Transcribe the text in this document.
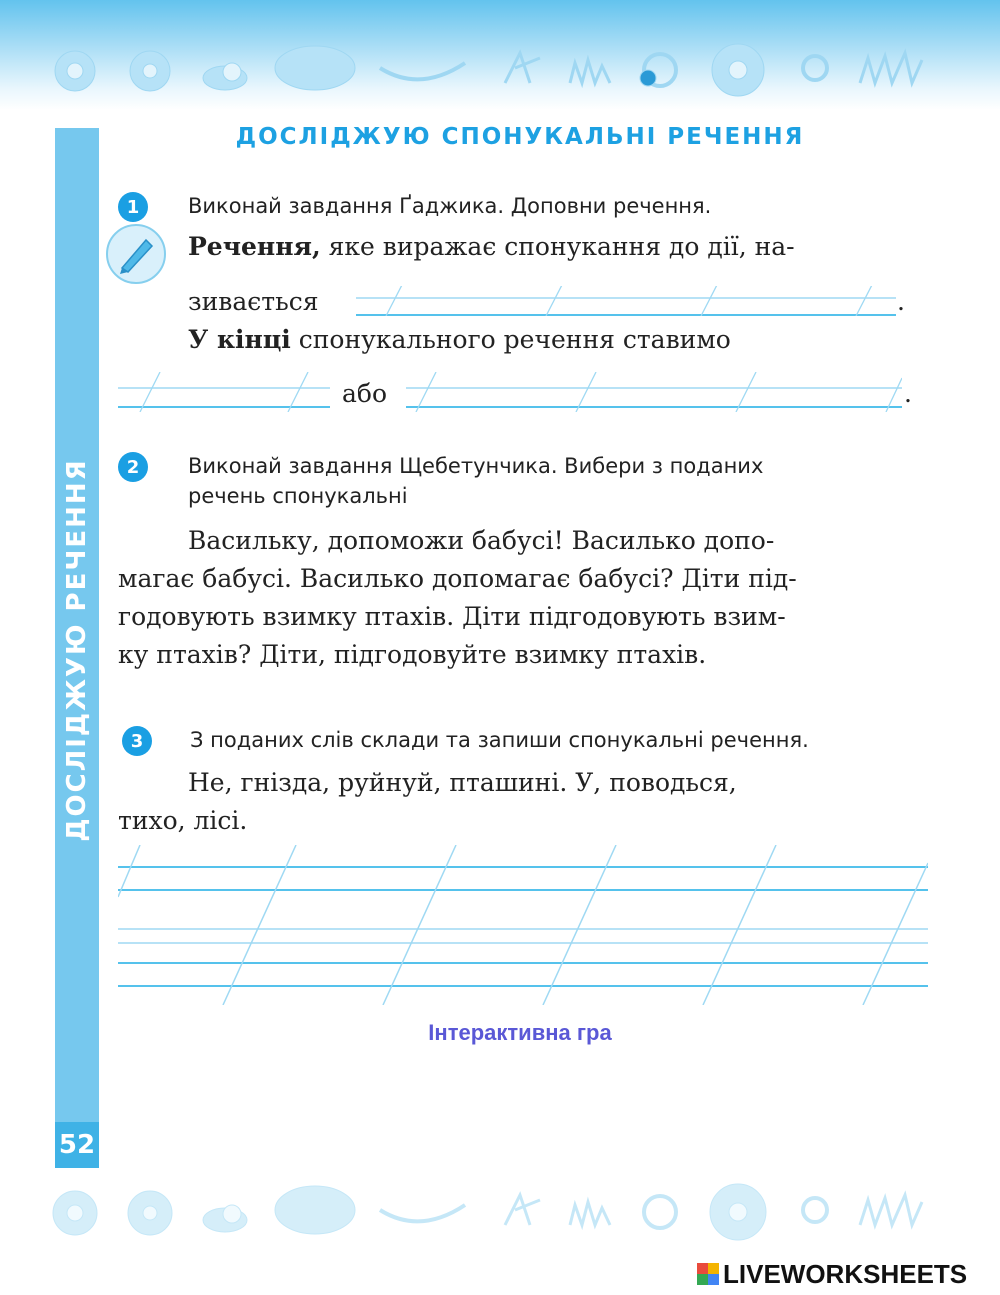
ДОСЛІДЖУЮ РЕЧЕННЯ
52
ДОСЛІДЖУЮ СПОНУКАЛЬНІ РЕЧЕННЯ
1	Виконай завдання Ґаджика. Доповни речення.
Речення, яке виражає спонукання до дії, на-
зивається	.
У кінці спонукального речення ставимо
або	.
2	Виконай завдання Щебетунчика. Вибери з поданих
речень спонукальні
Васильку, допоможи бабусі! Василько допо-
магає бабусі. Василько допомагає бабусі? Діти під-
годовують взимку птахів. Діти підгодовують взим-
ку птахів? Діти, підгодовуйте взимку птахів.
3	З поданих слів склади та запиши спонукальні речення.
Не, гнізда, руйнуй, пташині. У, поводься,
тихо, лісі.
Інтерактивна гра
LIVEWORKSHEETS
